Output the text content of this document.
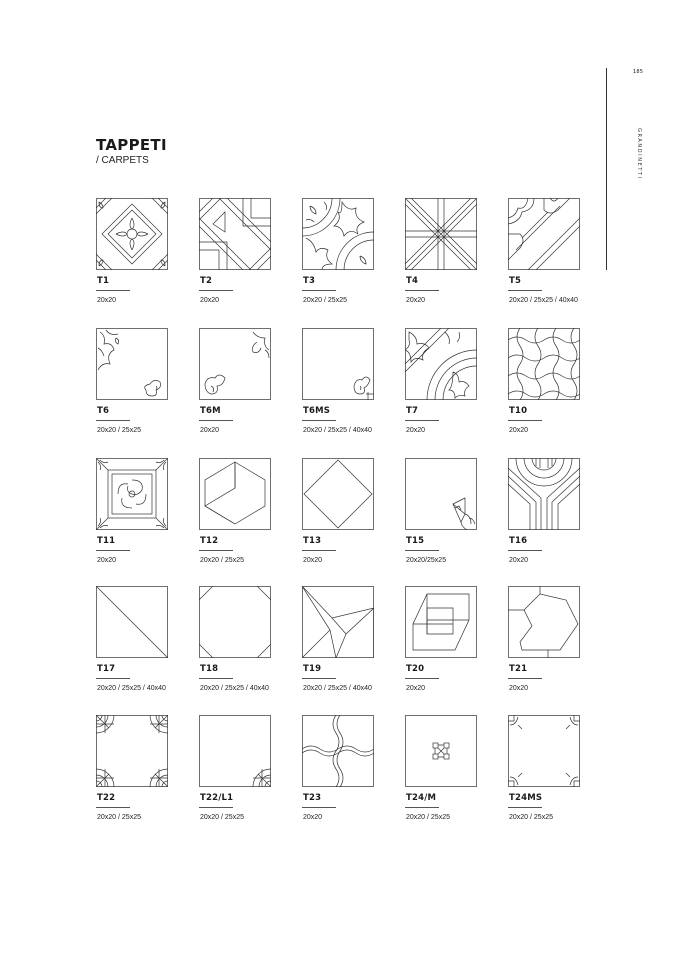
185
GRANDINETTI
TAPPETI
/ CARPETS
T1
20x20
T2
20x20
T3
20x20 / 25x25
T4
20x20
T5
20x20 / 25x25 / 40x40
T6
20x20 / 25x25
T6M
20x20
T6MS
20x20 / 25x25 / 40x40
T7
20x20
T10
20x20
T11
20x20
T12
20x20 / 25x25
T13
20x20
T15
20x20/25x25
T16
20x20
T17
20x20 / 25x25 / 40x40
T18
20x20 / 25x25 / 40x40
T19
20x20 / 25x25 / 40x40
T20
20x20
T21
20x20
T22
20x20 / 25x25
T22/L1
20x20 / 25x25
T23
20x20
T24/M
20x20 / 25x25
T24MS
20x20 / 25x25
